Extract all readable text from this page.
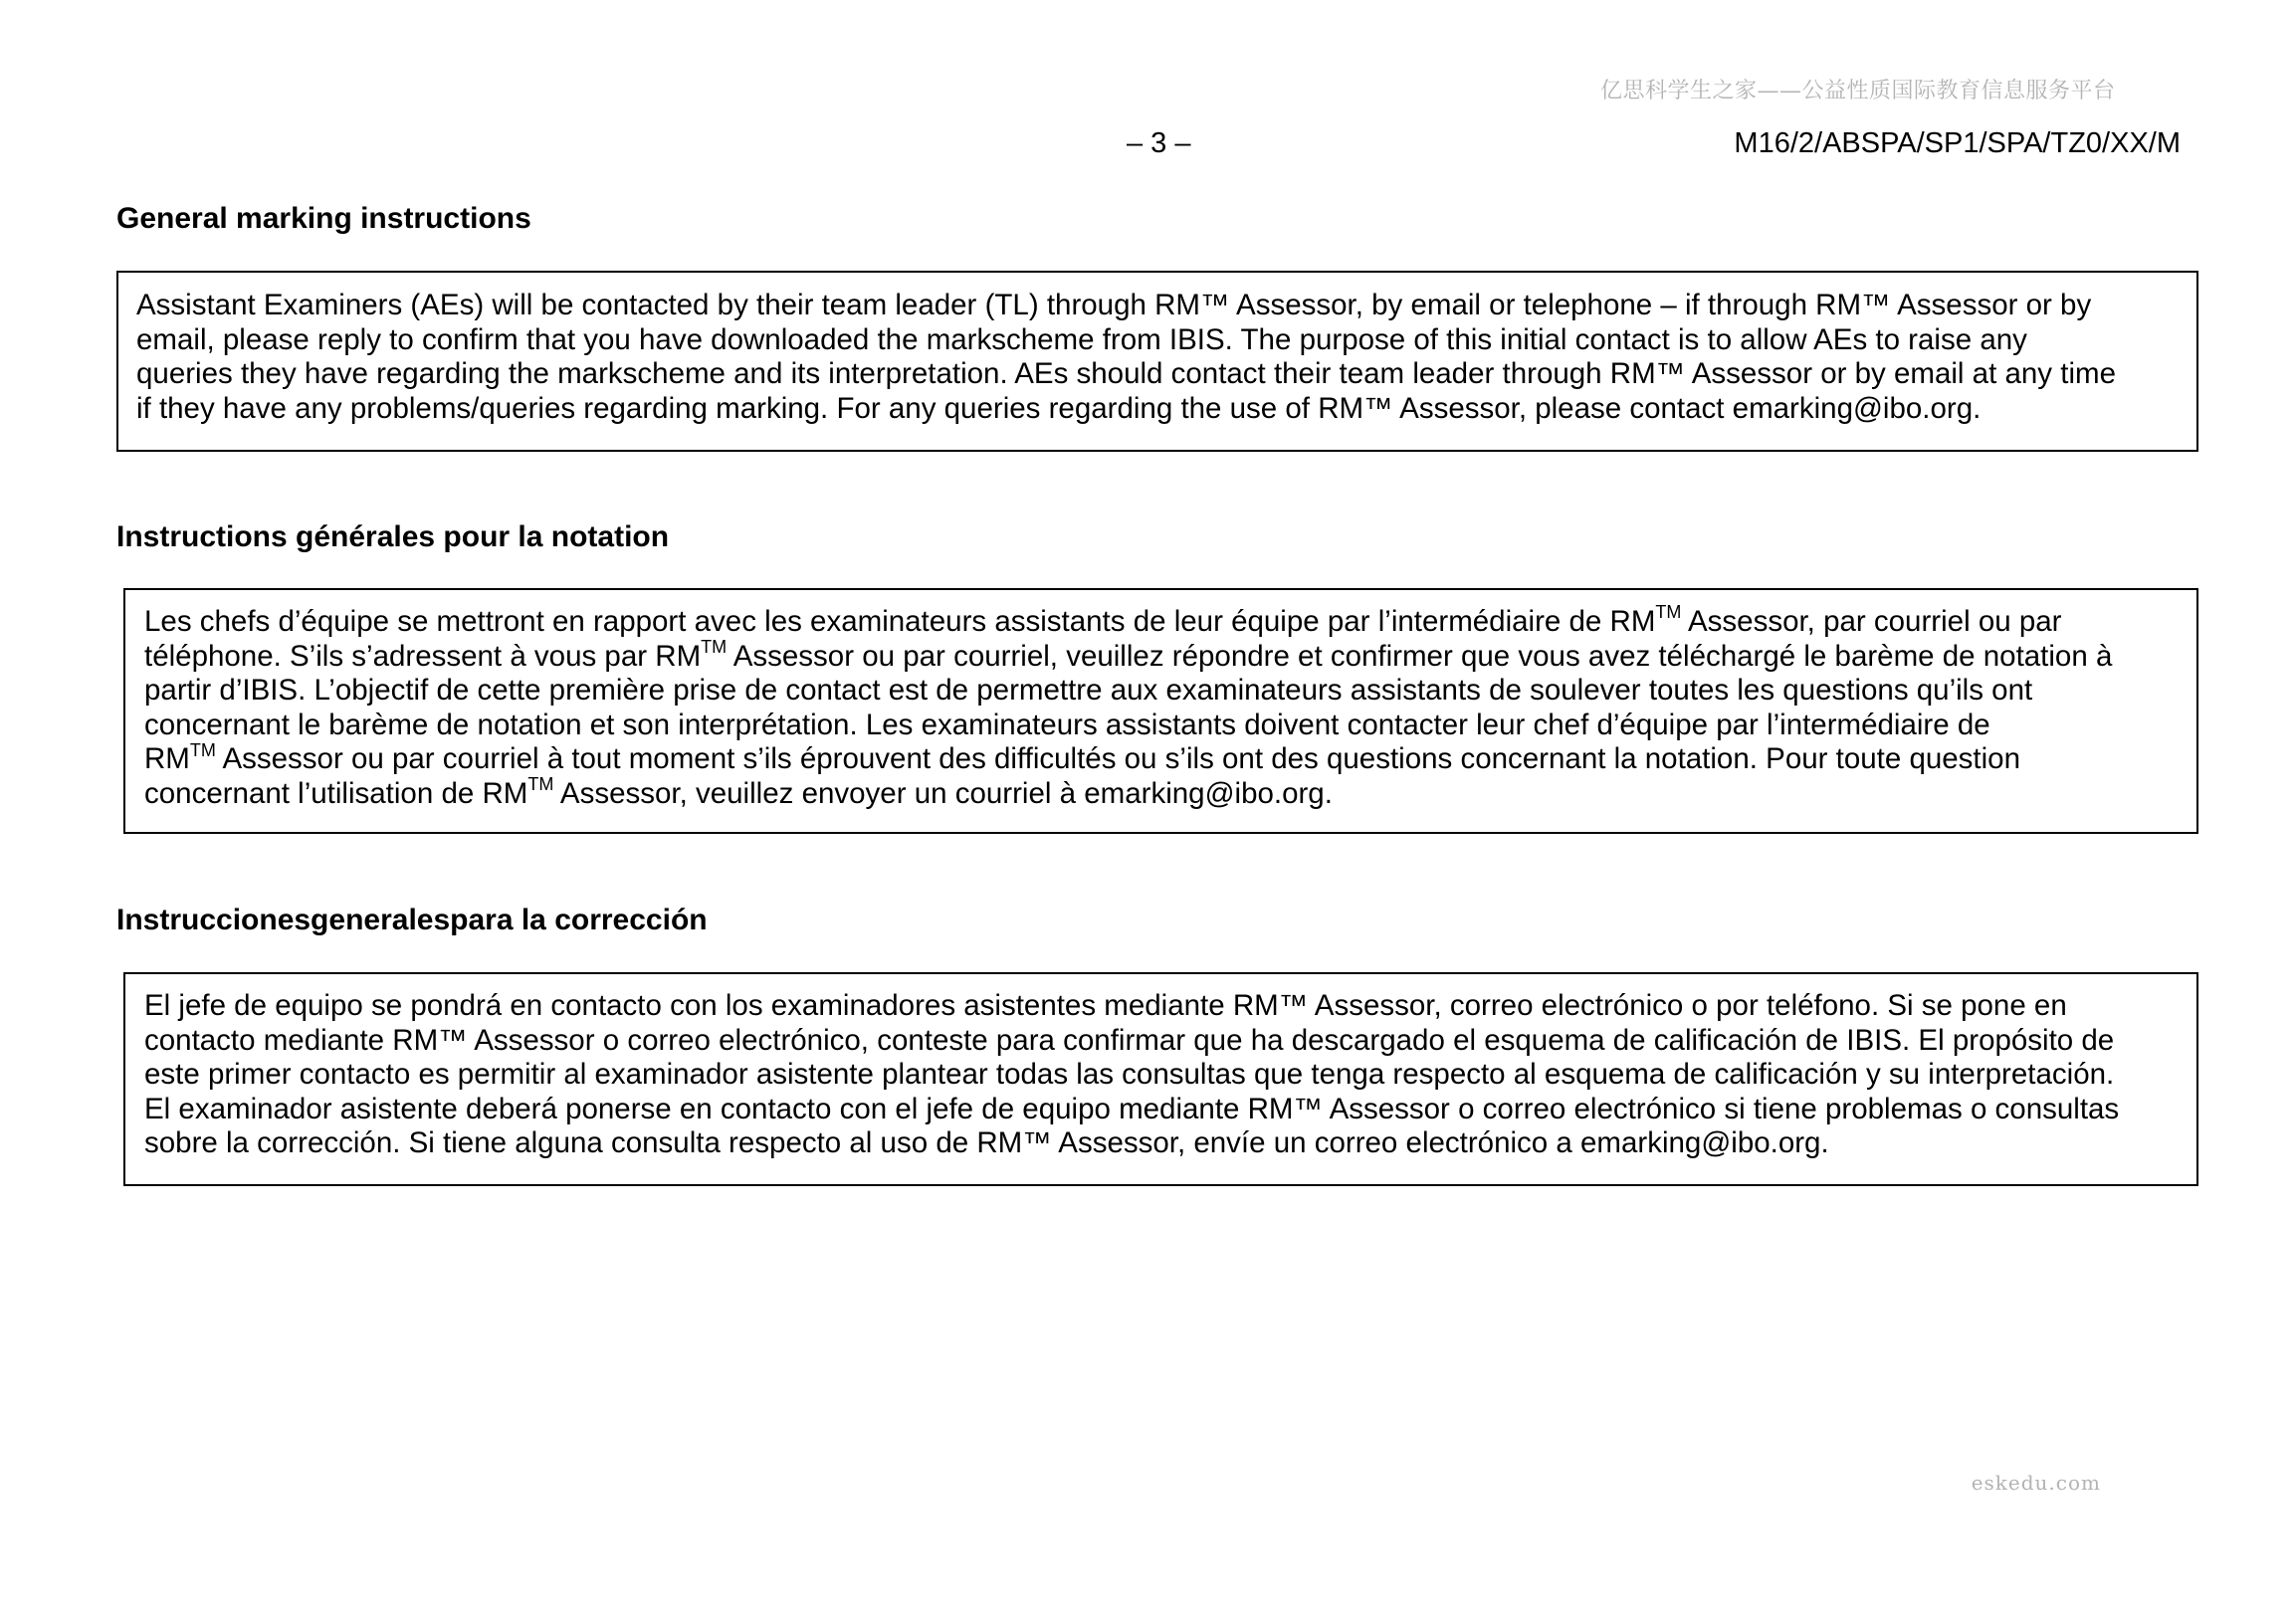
亿思科学生之家——公益性质国际教育信息服务平台
– 3 –	M16/2/ABSPA/SP1/SPA/TZ0/XX/M
General marking instructions

Assistant Examiners (AEs) will be contacted by their team leader (TL) through RM™ Assessor, by email or telephone – if through RM™ Assessor or by

email, please reply to confirm that you have downloaded the markscheme from IBIS. The purpose of this initial contact is to allow AEs to raise any

queries they have regarding the markscheme and its interpretation. AEs should contact their team leader through RM™ Assessor or by email at any time

if they have any problems/queries regarding marking. For any queries regarding the use of RM™ Assessor, please contact emarking@ibo.org.

Instructions générales pour la notation

Les chefs d’équipe se mettront en rapport avec les examinateurs assistants de leur équipe par l’intermédiaire de RM™ Assessor, par courriel ou par

téléphone. S’ils s’adressent à vous par RM™ Assessor ou par courriel, veuillez répondre et confirmer que vous avez téléchargé le barème de notation à

partir d’IBIS. L’objectif de cette première prise de contact est de permettre aux examinateurs assistants de soulever toutes les questions qu’ils ont

concernant le barème de notation et son interprétation. Les examinateurs assistants doivent contacter leur chef d’équipe par l’intermédiaire de

RM™ Assessor ou par courriel à tout moment s’ils éprouvent des difficultés ou s’ils ont des questions concernant la notation. Pour toute question

concernant l’utilisation de RM™ Assessor, veuillez envoyer un courriel à emarking@ibo.org.

Instruccionesgeneralespara la corrección

El jefe de equipo se pondrá en contacto con los examinadores asistentes mediante RM™ Assessor, correo electrónico o por teléfono. Si se pone en

contacto mediante RM™ Assessor o correo electrónico, conteste para confirmar que ha descargado el esquema de calificación de IBIS. El propósito de

este primer contacto es permitir al examinador asistente plantear todas las consultas que tenga respecto al esquema de calificación y su interpretación.

El examinador asistente deberá ponerse en contacto con el jefe de equipo mediante RM™ Assessor o correo electrónico si tiene problemas o consultas

sobre la corrección. Si tiene alguna consulta respecto al uso de RM™ Assessor, envíe un correo electrónico a emarking@ibo.org.

eskedu.com
